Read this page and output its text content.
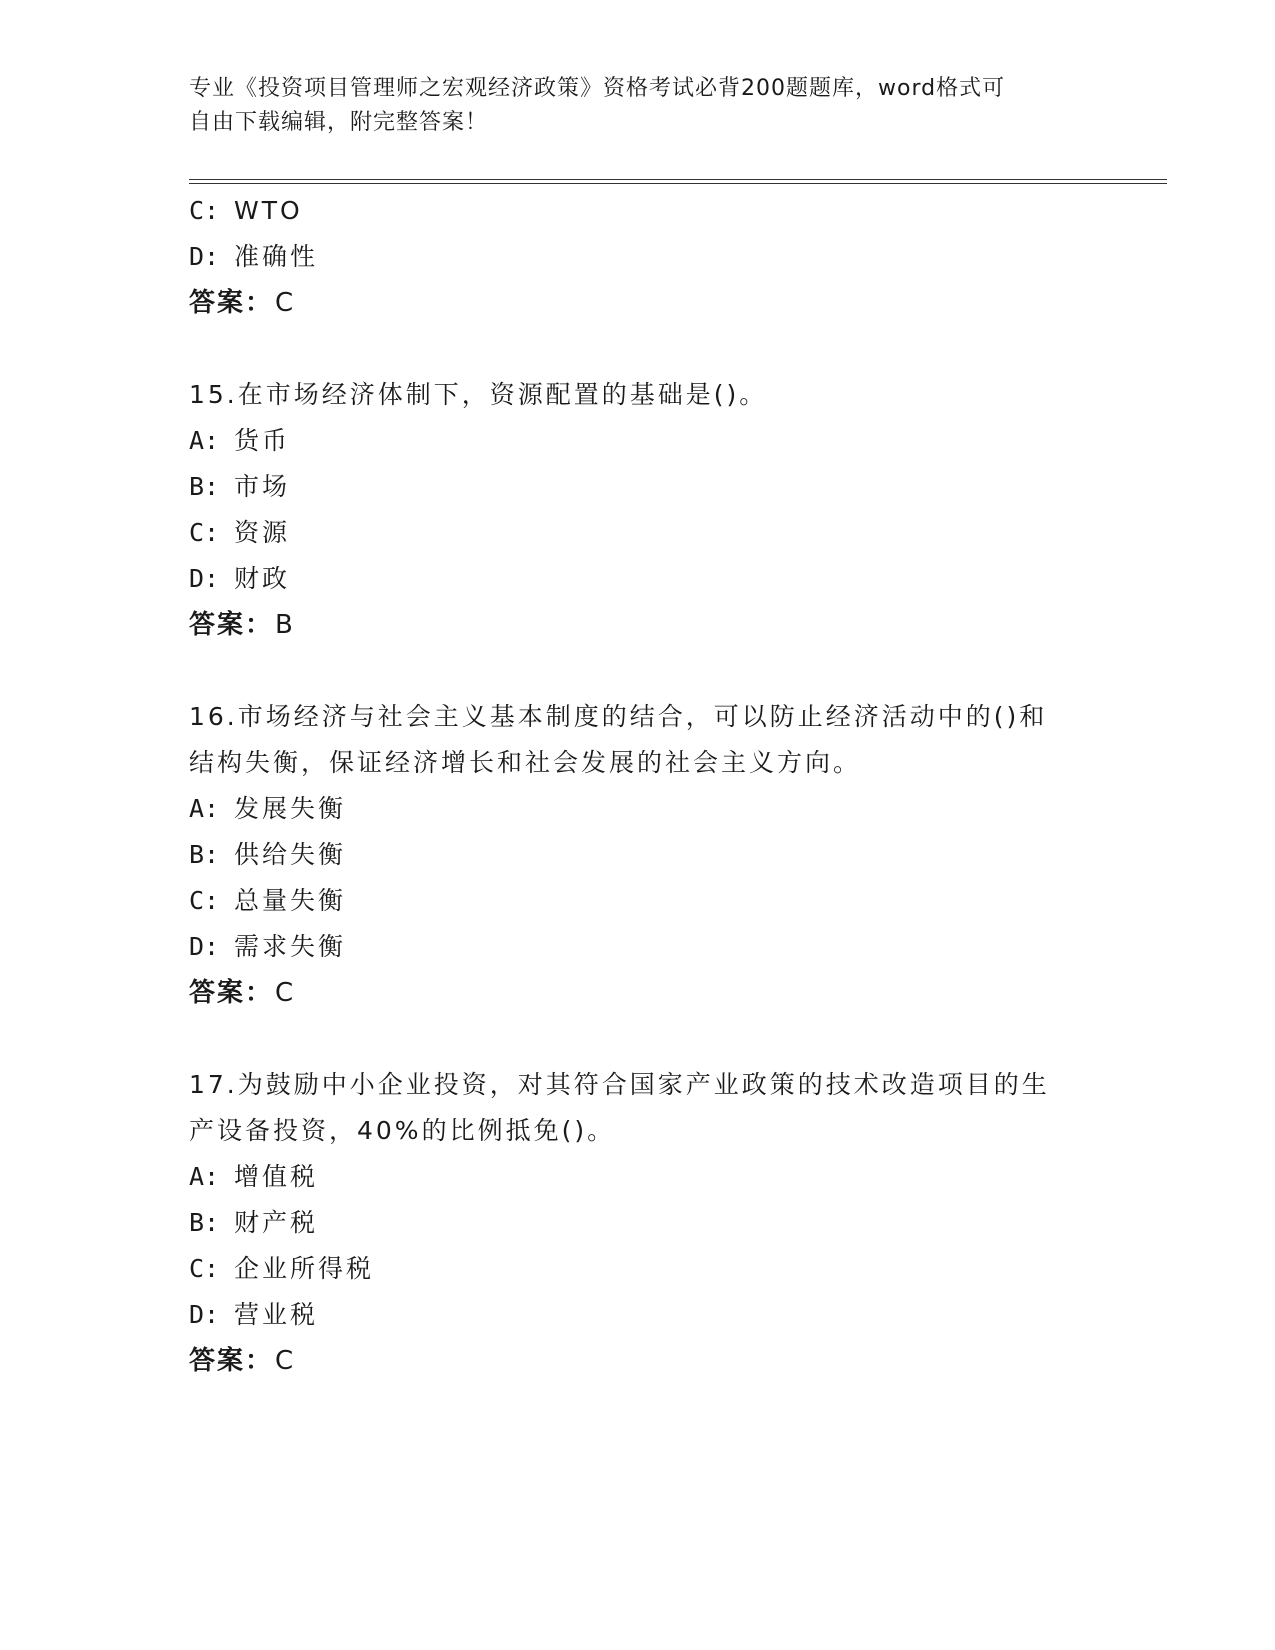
专业《投资项目管理师之宏观经济政策》资格考试必背200题题库，word格式可
自由下载编辑，附完整答案！
C: WTO
D: 准确性
答案：C
15.在市场经济体制下，资源配置的基础是()。
A: 货币
B: 市场
C: 资源
D: 财政
答案：B
16.市场经济与社会主义基本制度的结合，可以防止经济活动中的()和
结构失衡，保证经济增长和社会发展的社会主义方向。
A: 发展失衡
B: 供给失衡
C: 总量失衡
D: 需求失衡
答案：C
17.为鼓励中小企业投资，对其符合国家产业政策的技术改造项目的生
产设备投资，40%的比例抵免()。
A: 增值税
B: 财产税
C: 企业所得税
D: 营业税
答案：C
